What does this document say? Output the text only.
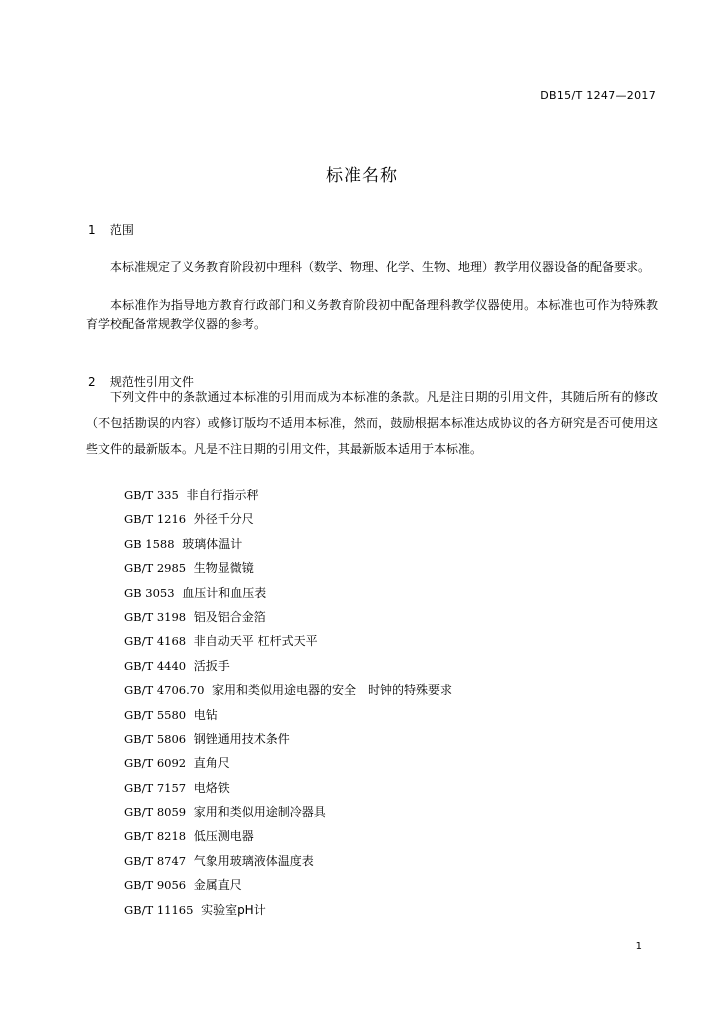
DB15/T 1247—2017
标准名称
1 范围
本标准规定了义务教育阶段初中理科（数学、物理、化学、生物、地理）教学用仪器设备的配备要求。
本标准作为指导地方教育行政部门和义务教育阶段初中配备理科教学仪器使用。本标准也可作为特殊教育学校配备常规教学仪器的参考。
2 规范性引用文件
下列文件中的条款通过本标准的引用而成为本标准的条款。凡是注日期的引用文件，其随后所有的修改（不包括勘误的内容）或修订版均不适用本标准，然而，鼓励根据本标准达成协议的各方研究是否可使用这些文件的最新版本。凡是不注日期的引用文件，其最新版本适用于本标准。
GB/T 335 非自行指示秤
GB/T 1216 外径千分尺
GB 1588 玻璃体温计
GB/T 2985 生物显微镜
GB 3053 血压计和血压表
GB/T 3198 铝及铝合金箔
GB/T 4168 非自动天平 杠杆式天平
GB/T 4440 活扳手
GB/T 4706.70 家用和类似用途电器的安全　时钟的特殊要求
GB/T 5580 电钻
GB/T 5806 钢锉通用技术条件
GB/T 6092 直角尺
GB/T 7157 电烙铁
GB/T 8059 家用和类似用途制冷器具
GB/T 8218 低压测电器
GB/T 8747 气象用玻璃液体温度表
GB/T 9056 金属直尺
GB/T 11165 实验室pH计
1
